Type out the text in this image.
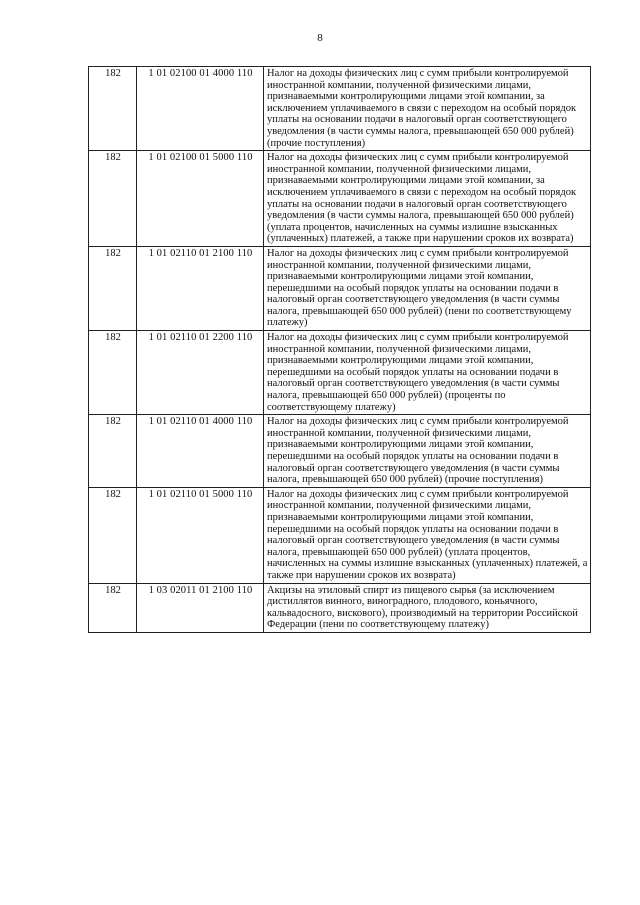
8
182	1 01 02100 01 4000 110	Налог на доходы физических лиц с сумм прибыли контролируемой иностранной компании, полученной физическими лицами, признаваемыми контролирующими лицами этой компании, за исключением уплачиваемого в связи с переходом на особый порядок уплаты на основании подачи в налоговый орган соответствующего уведомления (в части суммы налога, превышающей 650 000 рублей) (прочие поступления)
182	1 01 02100 01 5000 110	Налог на доходы физических лиц с сумм прибыли контролируемой иностранной компании, полученной физическими лицами, признаваемыми контролирующими лицами этой компании, за исключением уплачиваемого в связи с переходом на особый порядок уплаты на основании подачи в налоговый орган соответствующего уведомления (в части суммы налога, превышающей 650 000 рублей) (уплата процентов, начисленных на суммы излишне взысканных (уплаченных) платежей, а также при нарушении сроков их возврата)
182	1 01 02110 01 2100 110	Налог на доходы физических лиц с сумм прибыли контролируемой иностранной компании, полученной физическими лицами, признаваемыми контролирующими лицами этой компании, перешедшими на особый порядок уплаты на основании подачи в налоговый орган соответствующего уведомления (в части суммы налога, превышающей 650 000 рублей) (пени по соответствующему платежу)
182	1 01 02110 01 2200 110	Налог на доходы физических лиц с сумм прибыли контролируемой иностранной компании, полученной физическими лицами, признаваемыми контролирующими лицами этой компании, перешедшими на особый порядок уплаты на основании подачи в налоговый орган соответствующего уведомления (в части суммы налога, превышающей 650 000 рублей) (проценты по соответствующему платежу)
182	1 01 02110 01 4000 110	Налог на доходы физических лиц с сумм прибыли контролируемой иностранной компании, полученной физическими лицами, признаваемыми контролирующими лицами этой компании, перешедшими на особый порядок уплаты на основании подачи в налоговый орган соответствующего уведомления (в части суммы налога, превышающей 650 000 рублей) (прочие поступления)
182	1 01 02110 01 5000 110	Налог на доходы физических лиц с сумм прибыли контролируемой иностранной компании, полученной физическими лицами, признаваемыми контролирующими лицами этой компании, перешедшими на особый порядок уплаты на основании подачи в налоговый орган соответствующего уведомления (в части суммы налога, превышающей 650 000 рублей) (уплата процентов, начисленных на суммы излишне взысканных (уплаченных) платежей, а также при нарушении сроков их возврата)
182	1 03 02011 01 2100 110	Акцизы на этиловый спирт из пищевого сырья (за исключением дистиллятов винного, виноградного, плодового, коньячного, кальвадосного, вискового), производимый на территории Российской Федерации (пени по соответствующему платежу)
